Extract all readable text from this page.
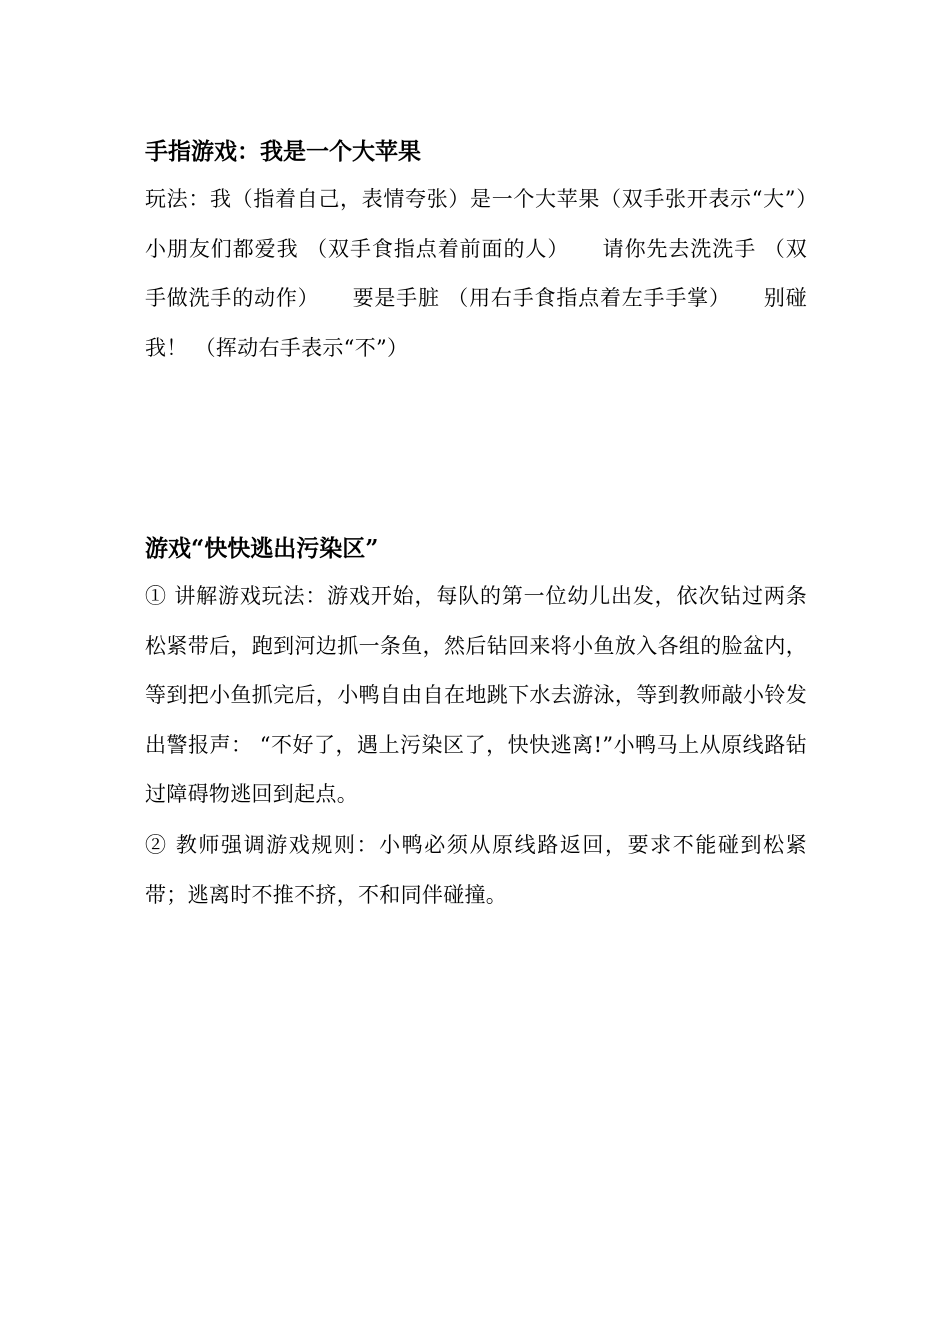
手指游戏：我是一个大苹果
玩法：我（指着自己，表情夸张）是一个大苹果（双手张开表示“大”）　　小朋友们都爱我 （双手食指点着前面的人）　　请你先去洗洗手 （双手做洗手的动作）　　要是手脏 （用右手食指点着左手手掌）　　别碰我！ （挥动右手表示“不”）
游戏“快快逃出污染区”
① 讲解游戏玩法：游戏开始，每队的第一位幼儿出发，依次钻过两条松紧带后，跑到河边抓一条鱼，然后钻回来将小鱼放入各组的脸盆内，等到把小鱼抓完后，小鸭自由自在地跳下水去游泳，等到教师敲小铃发出警报声： “不好了，遇上污染区了，快快逃离!”小鸭马上从原线路钻过障碍物逃回到起点。
② 教师强调游戏规则：小鸭必须从原线路返回，要求不能碰到松紧带；逃离时不推不挤，不和同伴碰撞。
